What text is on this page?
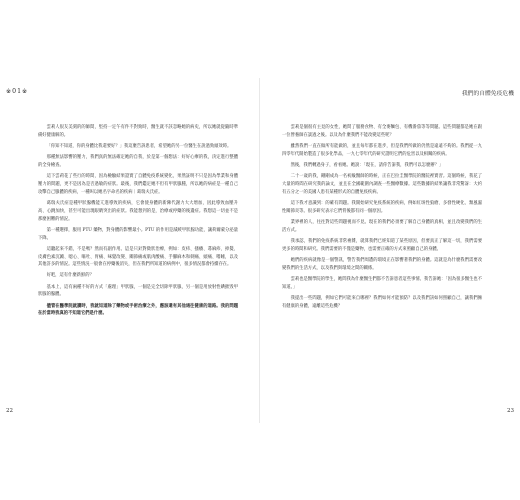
※01※	我們的自體免疫危機

雲莉人很友美刻的的師間，堅持一定午有件不對勁時，醫生就不該忽略她的病史，所以她就從隨時準備好健康解的。

「你知不知道，你的身體比我還要好？」我這麼告訴患者，希望她的另一位醫生在說過勁頭效時。

那種無法影響的壓力，我們真的無法確定她的自我，於是第一個想法：好好心療的我，決定進行整體的全身檢查。

這下雲莉花了些行的時間，因為檢驗結果證實了自體免疫系統變化，果然証明不只是因為學業和身體壓力的問題，更不是因為是否過敏的症狀。最後，我們鑑定她不但有甲狀腺腫，所以她的病症是一種自己攻擊自己腺體的疾病，一種叫以她名字命名的疾病｜葛瑞夫氏症。

葛瑞夫氏症是種甲狀腺機能亢進導致的疾病，它會使身體的新陳代謝力大大增加，因此導致血壓升高、心跳加快，甚至可能出現眼睛突出的症狀。我能想到的是，治療或停藥的後遺症。我想這一切並不是那麼困難的情況。

第一種選擇，服用 PTU 藥物，對身體的影響最小。PTU 的作用是減緩甲狀腺功能，讓荷爾蒙分泌量下降。

這聽起來不錯，不是嗎？然而有副作用。這是只針對徵狀治療，例如：皮疹、搔癢、蕁麻疹、掉髮、皮膚色素沉澱、噁心、嘔吐、胃痛、味覺改變、關節痛或肌肉酸痛、手腳麻木和刺痛、頭痛、嗜睡，以及其他許多的情況。這些情況一般會在停藥後消失，但在我們所知道的病例中，很多情況都會持續存在。

好吧，這有什麼新鮮的？

基本上，這有兩種不好的方式「處理」甲狀腺，一個是完全切除甲狀腺，另一個是用放射性碘摧毀甲狀腺的腺體。

儘管在醫學院就讀時，我就知道除了藥物或手術治療之外，應該還有其他通往健康的道路。我的問題在於當時我真的不知道它們是什麼。

雲莉是個很有主見的女性，她問了服務食物、有全麥麵包、有機番茄等等問題。這些問題都是她在跟一位營養師在談過之後。以及為什麼我們不能改變這些呢？

雖然我們一直在做所有能做的，並且每年都在進步，但是我們所做的仍然是遠遠不夠的。我們從一九四零年代開始製造了很多化學品，一九七零年代的研究證明它們的危害以及相關的疾病。

然後，我們轉過身子，看看她。她說：「現在，請你告訴我，我們可以怎麼辦？」

二十一歲的我，剛剛成為一名初級醫師的時候，正在巴拉圭醫學院的醫院裡實習。這個時候，我花了大量的時間在研究我的論文，並且在全國範圍內調查一些醫療數據。這些數據的結果讓我非常驚訝：大約有五分之一的美國人患有某種形式的自體免疫疾病。

這下我才意識到：的確有問題。我開始研究免疫系統的疾病，例如紅斑性狼瘡、多發性硬化、類風濕性關節炎等。很多研究表示它們背後都有同一個原因。

業界裡的人，往往對這些問題視而不見。現在的我們必須要了解自己身體的真相，並且改變我們的生活方式。

我承認，我們的免疫系統非常複雜，就算我們已經知道了某些原因，但要真正了解這一切，我們需要更多的時間和研究。我們需要的不僅是藥物，也需要正確的方式來照顧自己的身體。

她們的疾病就像是一個警訊，警告我們周遭的環境正在影響著我們的身體。這就是為什麼我們需要改變我們的生活方式，以及我們與環境之間的關係。

雲莉也是醫學院的學生，她問我為什麼醫生們都不告訴患者這些事情。我告訴她：「因為很多醫生也不知道。」

我提出一些問題，例如它們可能來自哪裡？我們如何才能預防？以及我們該如何照顧自己，讓我們擁有健康的身體，遠離這些危機？

22	23
